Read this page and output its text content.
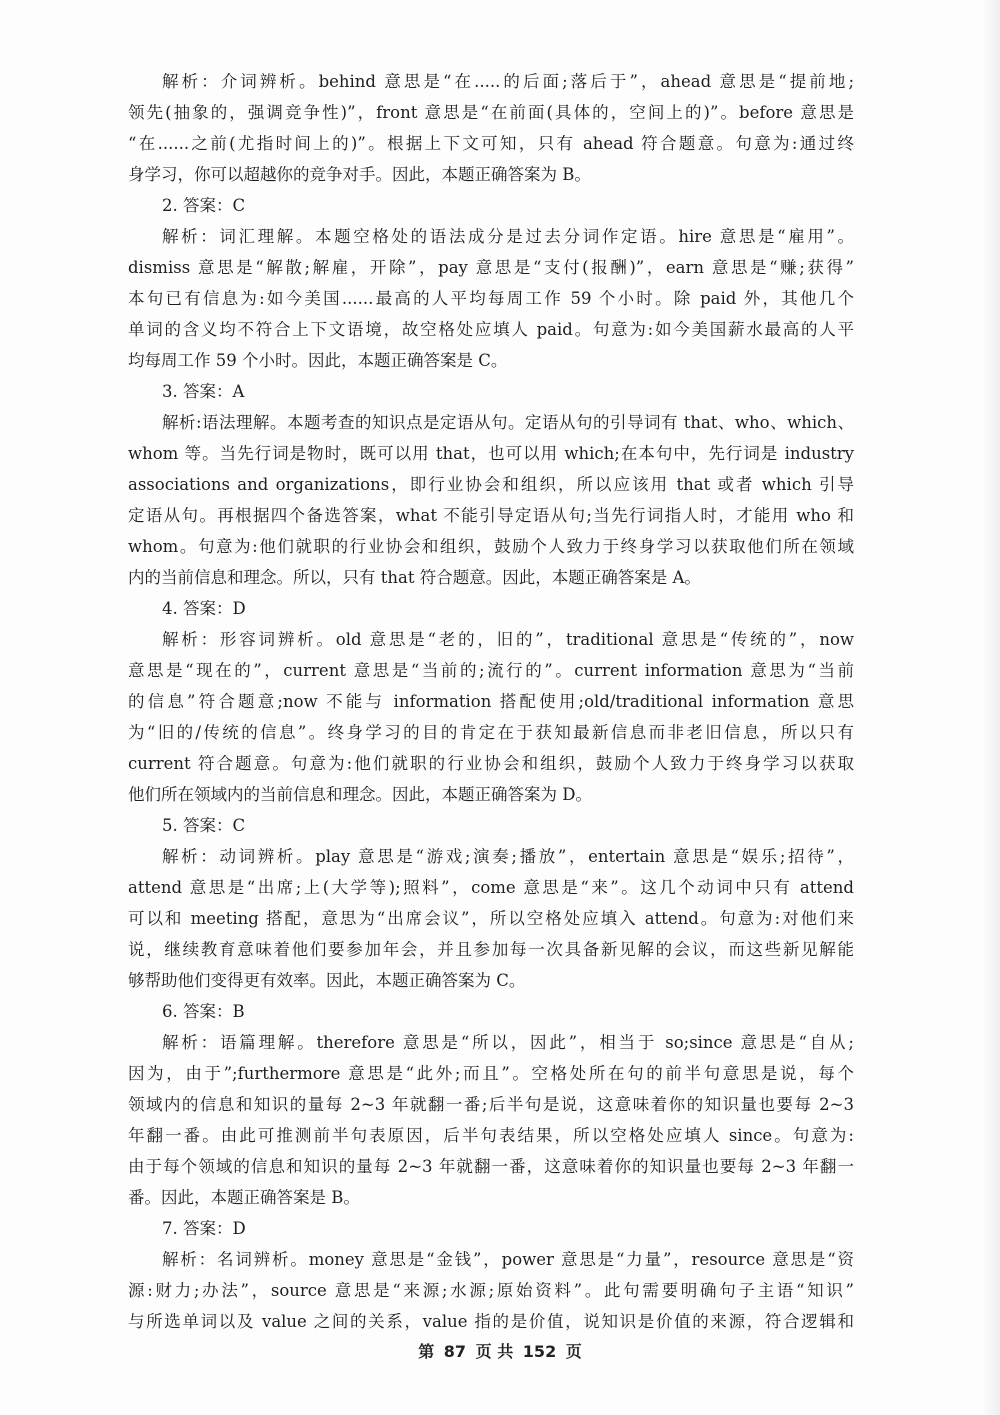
解析：介词辨析。behind 意思是“在.....的后面;落后于”，ahead 意思是“提前地;
领先(抽象的，强调竞争性)”，front 意思是“在前面(具体的，空间上的)”。before 意思是
“在......之前(尤指时间上的)”。根据上下文可知，只有 ahead 符合题意。句意为:通过终
身学习，你可以超越你的竞争对手。因此，本题正确答案为 B。
2. 答案：C
解析：词汇理解。本题空格处的语法成分是过去分词作定语。hire 意思是“雇用”。
dismiss 意思是“解散;解雇，开除”，pay 意思是“支付(报酬)”，earn 意思是“赚;获得”
本句已有信息为:如今美国......最高的人平均每周工作 59 个小时。除 paid 外，其他几个
单词的含义均不符合上下文语境，故空格处应填人 paid。句意为:如今美国薪水最高的人平
均每周工作 59 个小时。因此，本题正确答案是 C。
3. 答案：A
解析:语法理解。本题考查的知识点是定语从句。定语从句的引导词有 that、who、which、
whom 等。当先行词是物时，既可以用 that，也可以用 which;在本句中，先行词是 industry
associations and organizations，即行业协会和组织，所以应该用 that 或者 which 引导
定语从句。再根据四个备选答案，what 不能引导定语从句;当先行词指人时，才能用 who 和
whom。句意为:他们就职的行业协会和组织，鼓励个人致力于终身学习以获取他们所在领域
内的当前信息和理念。所以，只有 that 符合题意。因此，本题正确答案是 A。
4. 答案：D
解析：形容词辨析。old 意思是“老的，旧的”，traditional 意思是“传统的”，now
意思是“现在的”，current 意思是“当前的;流行的”。current information 意思为“当前
的信息”符合题意;now 不能与 information 搭配使用;old/traditional information 意思
为“旧的/传统的信息”。终身学习的目的肯定在于获知最新信息而非老旧信息，所以只有
current 符合题意。句意为:他们就职的行业协会和组织，鼓励个人致力于终身学习以获取
他们所在领域内的当前信息和理念。因此，本题正确答案为 D。
5. 答案：C
解析：动词辨析。play 意思是“游戏;演奏;播放”，entertain 意思是“娱乐;招待”，
attend 意思是“出席;上(大学等);照料”，come 意思是“来”。这几个动词中只有 attend
可以和 meeting 搭配，意思为“出席会议”，所以空格处应填入 attend。句意为:对他们来
说，继续教育意味着他们要参加年会，并且参加每一次具备新见解的会议，而这些新见解能
够帮助他们变得更有效率。因此，本题正确答案为 C。
6. 答案：B
解析：语篇理解。therefore 意思是“所以，因此”，相当于 so;since 意思是“自从;
因为，由于”;furthermore 意思是“此外;而且”。空格处所在句的前半句意思是说，每个
领域内的信息和知识的量每 2~3 年就翻一番;后半句是说，这意味着你的知识量也要每 2~3
年翻一番。由此可推测前半句表原因，后半句表结果，所以空格处应填人 since。句意为:
由于每个领域的信息和知识的量每 2~3 年就翻一番，这意味着你的知识量也要每 2~3 年翻一
番。因此，本题正确答案是 B。
7. 答案：D
解析：名词辨析。money 意思是“金钱”，power 意思是“力量”，resource 意思是“资
源:财力;办法”，source 意思是“来源;水源;原始资料”。此句需要明确句子主语“知识”
与所选单词以及 value 之间的关系，value 指的是价值，说知识是价值的来源，符合逻辑和
第 87 页 共 152 页
